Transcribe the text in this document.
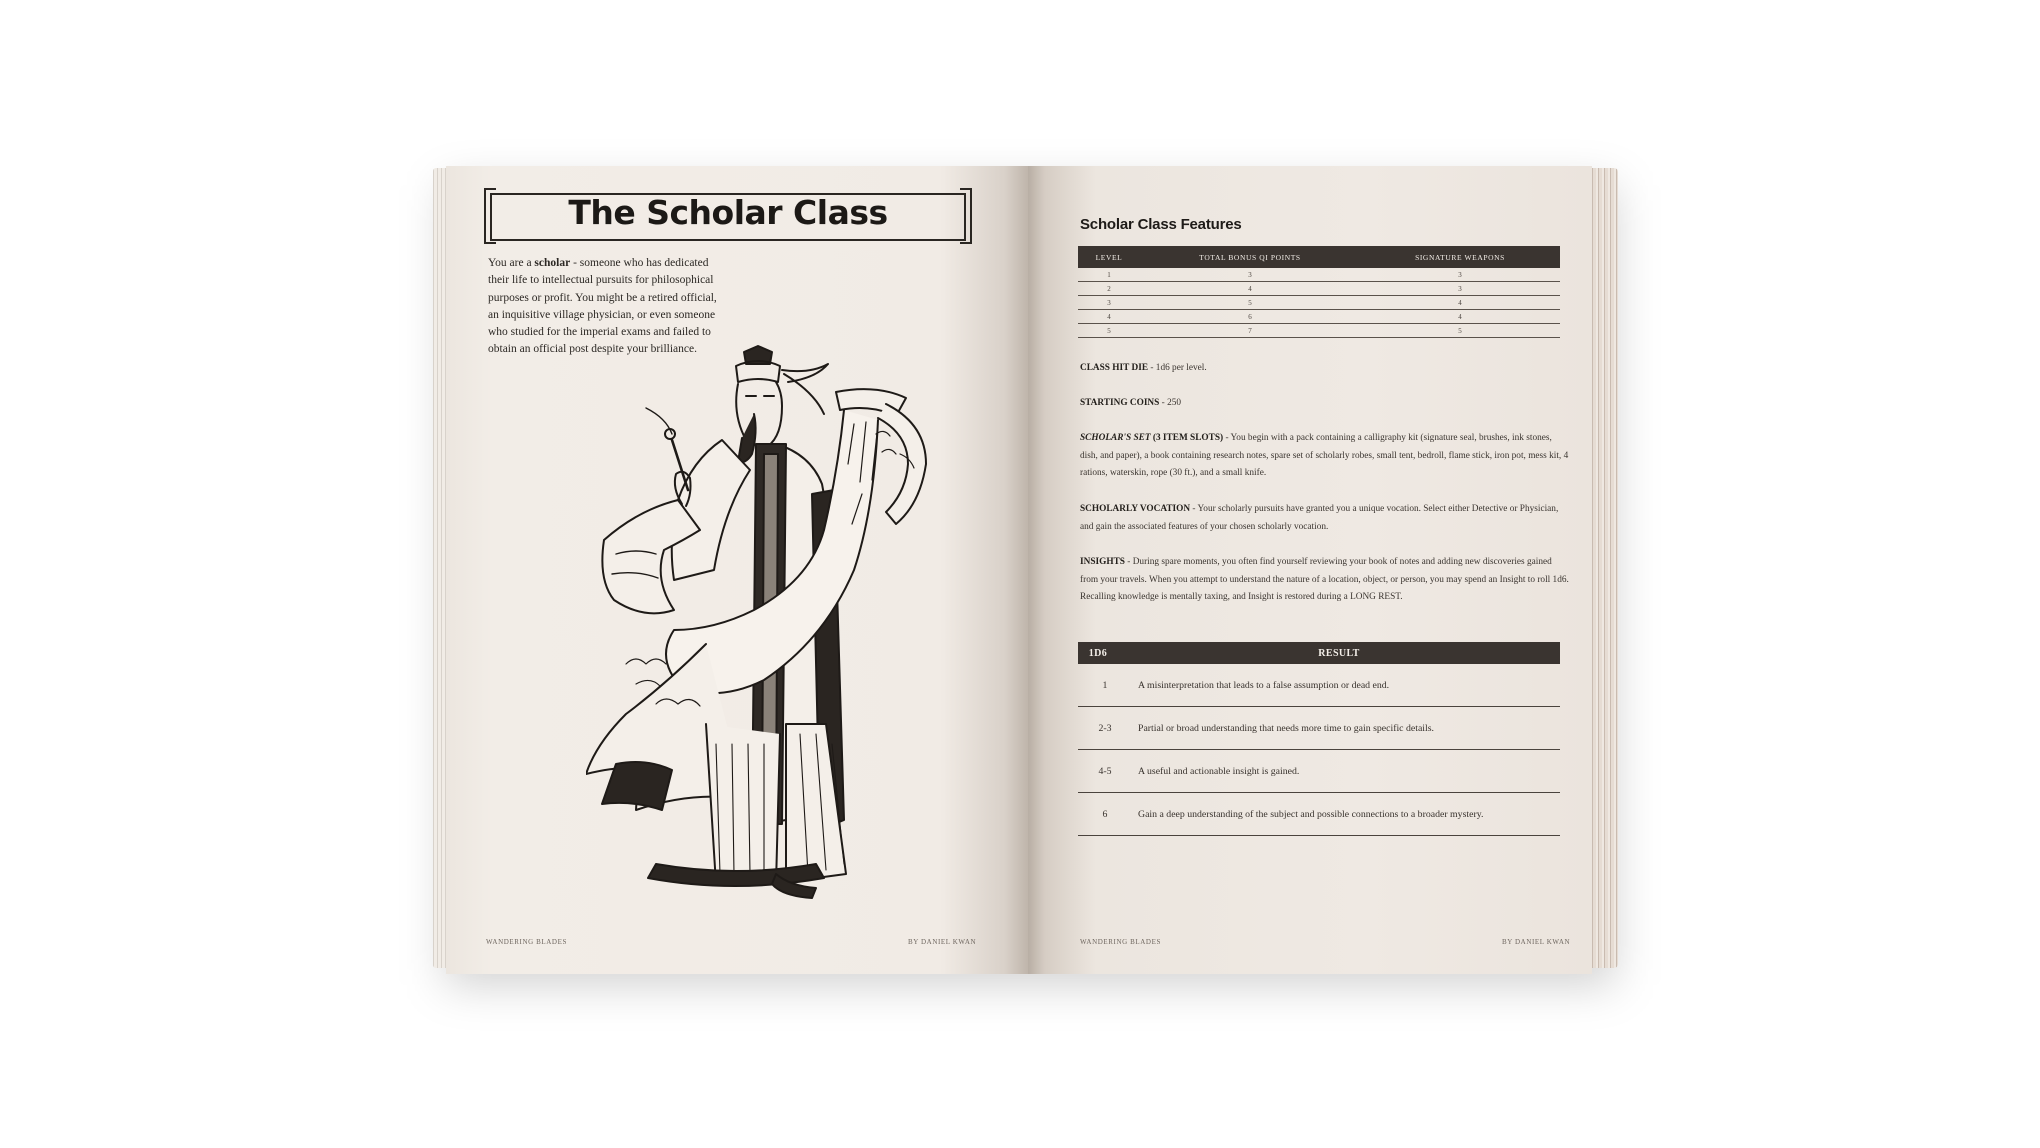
The Scholar Class
You are a scholar - someone who has dedicated their life to intellectual pursuits for philosophical purposes or profit. You might be a retired official, an inquisitive village physician, or even someone who studied for the imperial exams and failed to obtain an official post despite your brilliance.
WANDERING BLADES	BY DANIEL KWAN
Scholar Class Features
LEVEL	TOTAL BONUS QI POINTS	SIGNATURE WEAPONS
1	3	3
2	4	3
3	5	4
4	6	4
5	7	5
CLASS HIT DIE - 1d6 per level.
STARTING COINS - 250
SCHOLAR'S SET (3 ITEM SLOTS) - You begin with a pack containing a calligraphy kit (signature seal, brushes, ink stones, dish, and paper), a book containing research notes, spare set of scholarly robes, small tent, bedroll, flame stick, iron pot, mess kit, 4 rations, waterskin, rope (30 ft.), and a small knife.
SCHOLARLY VOCATION - Your scholarly pursuits have granted you a unique vocation. Select either Detective or Physician, and gain the associated features of your chosen scholarly vocation.
INSIGHTS - During spare moments, you often find yourself reviewing your book of notes and adding new discoveries gained from your travels. When you attempt to understand the nature of a location, object, or person, you may spend an Insight to roll 1d6. Recalling knowledge is mentally taxing, and Insight is restored during a LONG REST.
1D6	RESULT
1	A misinterpretation that leads to a false assumption or dead end.
2-3	Partial or broad understanding that needs more time to gain specific details.
4-5	A useful and actionable insight is gained.
6	Gain a deep understanding of the subject and possible connections to a broader mystery.
WANDERING BLADES	BY DANIEL KWAN
